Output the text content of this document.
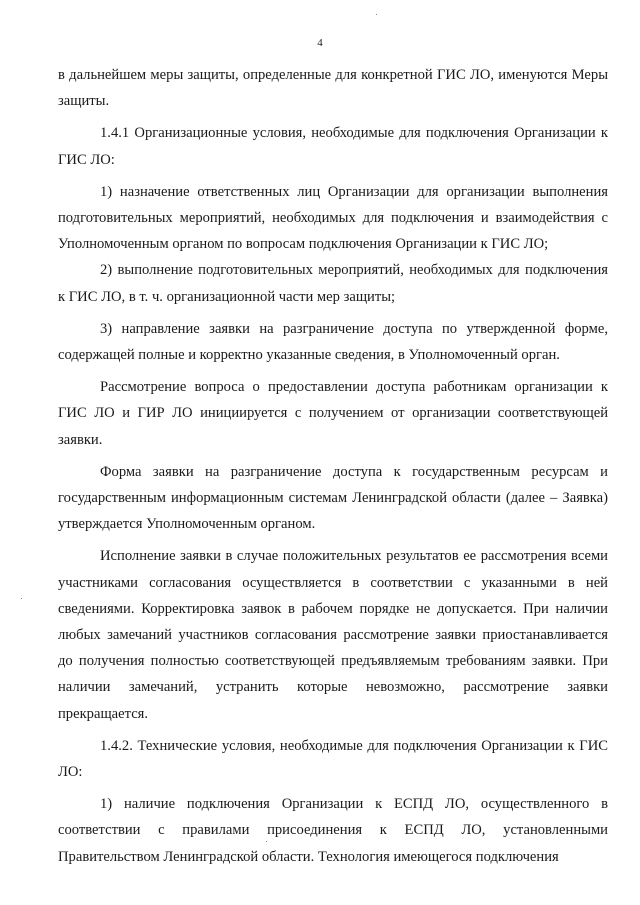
4

в дальнейшем меры защиты, определенные для конкретной ГИС ЛО, именуются Меры защиты.

1.4.1 Организационные условия, необходимые для подключения Организации к ГИС ЛО:

1) назначение ответственных лиц Организации для организации выполнения подготовительных мероприятий, необходимых для подключения и взаимодействия с Уполномоченным органом по вопросам подключения Организации к ГИС ЛО;

2) выполнение подготовительных мероприятий, необходимых для подключения к ГИС ЛО, в т. ч. организационной части мер защиты;

3) направление заявки на разграничение доступа по утвержденной форме, содержащей полные и корректно указанные сведения, в Уполномоченный орган.

Рассмотрение вопроса о предоставлении доступа работникам организации к ГИС ЛО и ГИР ЛО инициируется с получением от организации соответствующей заявки.

Форма заявки на разграничение доступа к государственным ресурсам и государственным информационным системам Ленинградской области (далее – Заявка) утверждается Уполномоченным органом.

Исполнение заявки в случае положительных результатов ее рассмотрения всеми участниками согласования осуществляется в соответствии с указанными в ней сведениями. Корректировка заявок в рабочем порядке не допускается. При наличии любых замечаний участников согласования рассмотрение заявки приостанавливается до получения полностью соответствующей предъявляемым требованиям заявки. При наличии замечаний, устранить которые невозможно, рассмотрение заявки прекращается.

1.4.2. Технические условия, необходимые для подключения Организации к ГИС ЛО:

1) наличие подключения Организации к ЕСПД ЛО, осуществленного в соответствии с правилами присоединения к ЕСПД ЛО, установленными Правительством Ленинградской области. Технология имеющегося подключения
